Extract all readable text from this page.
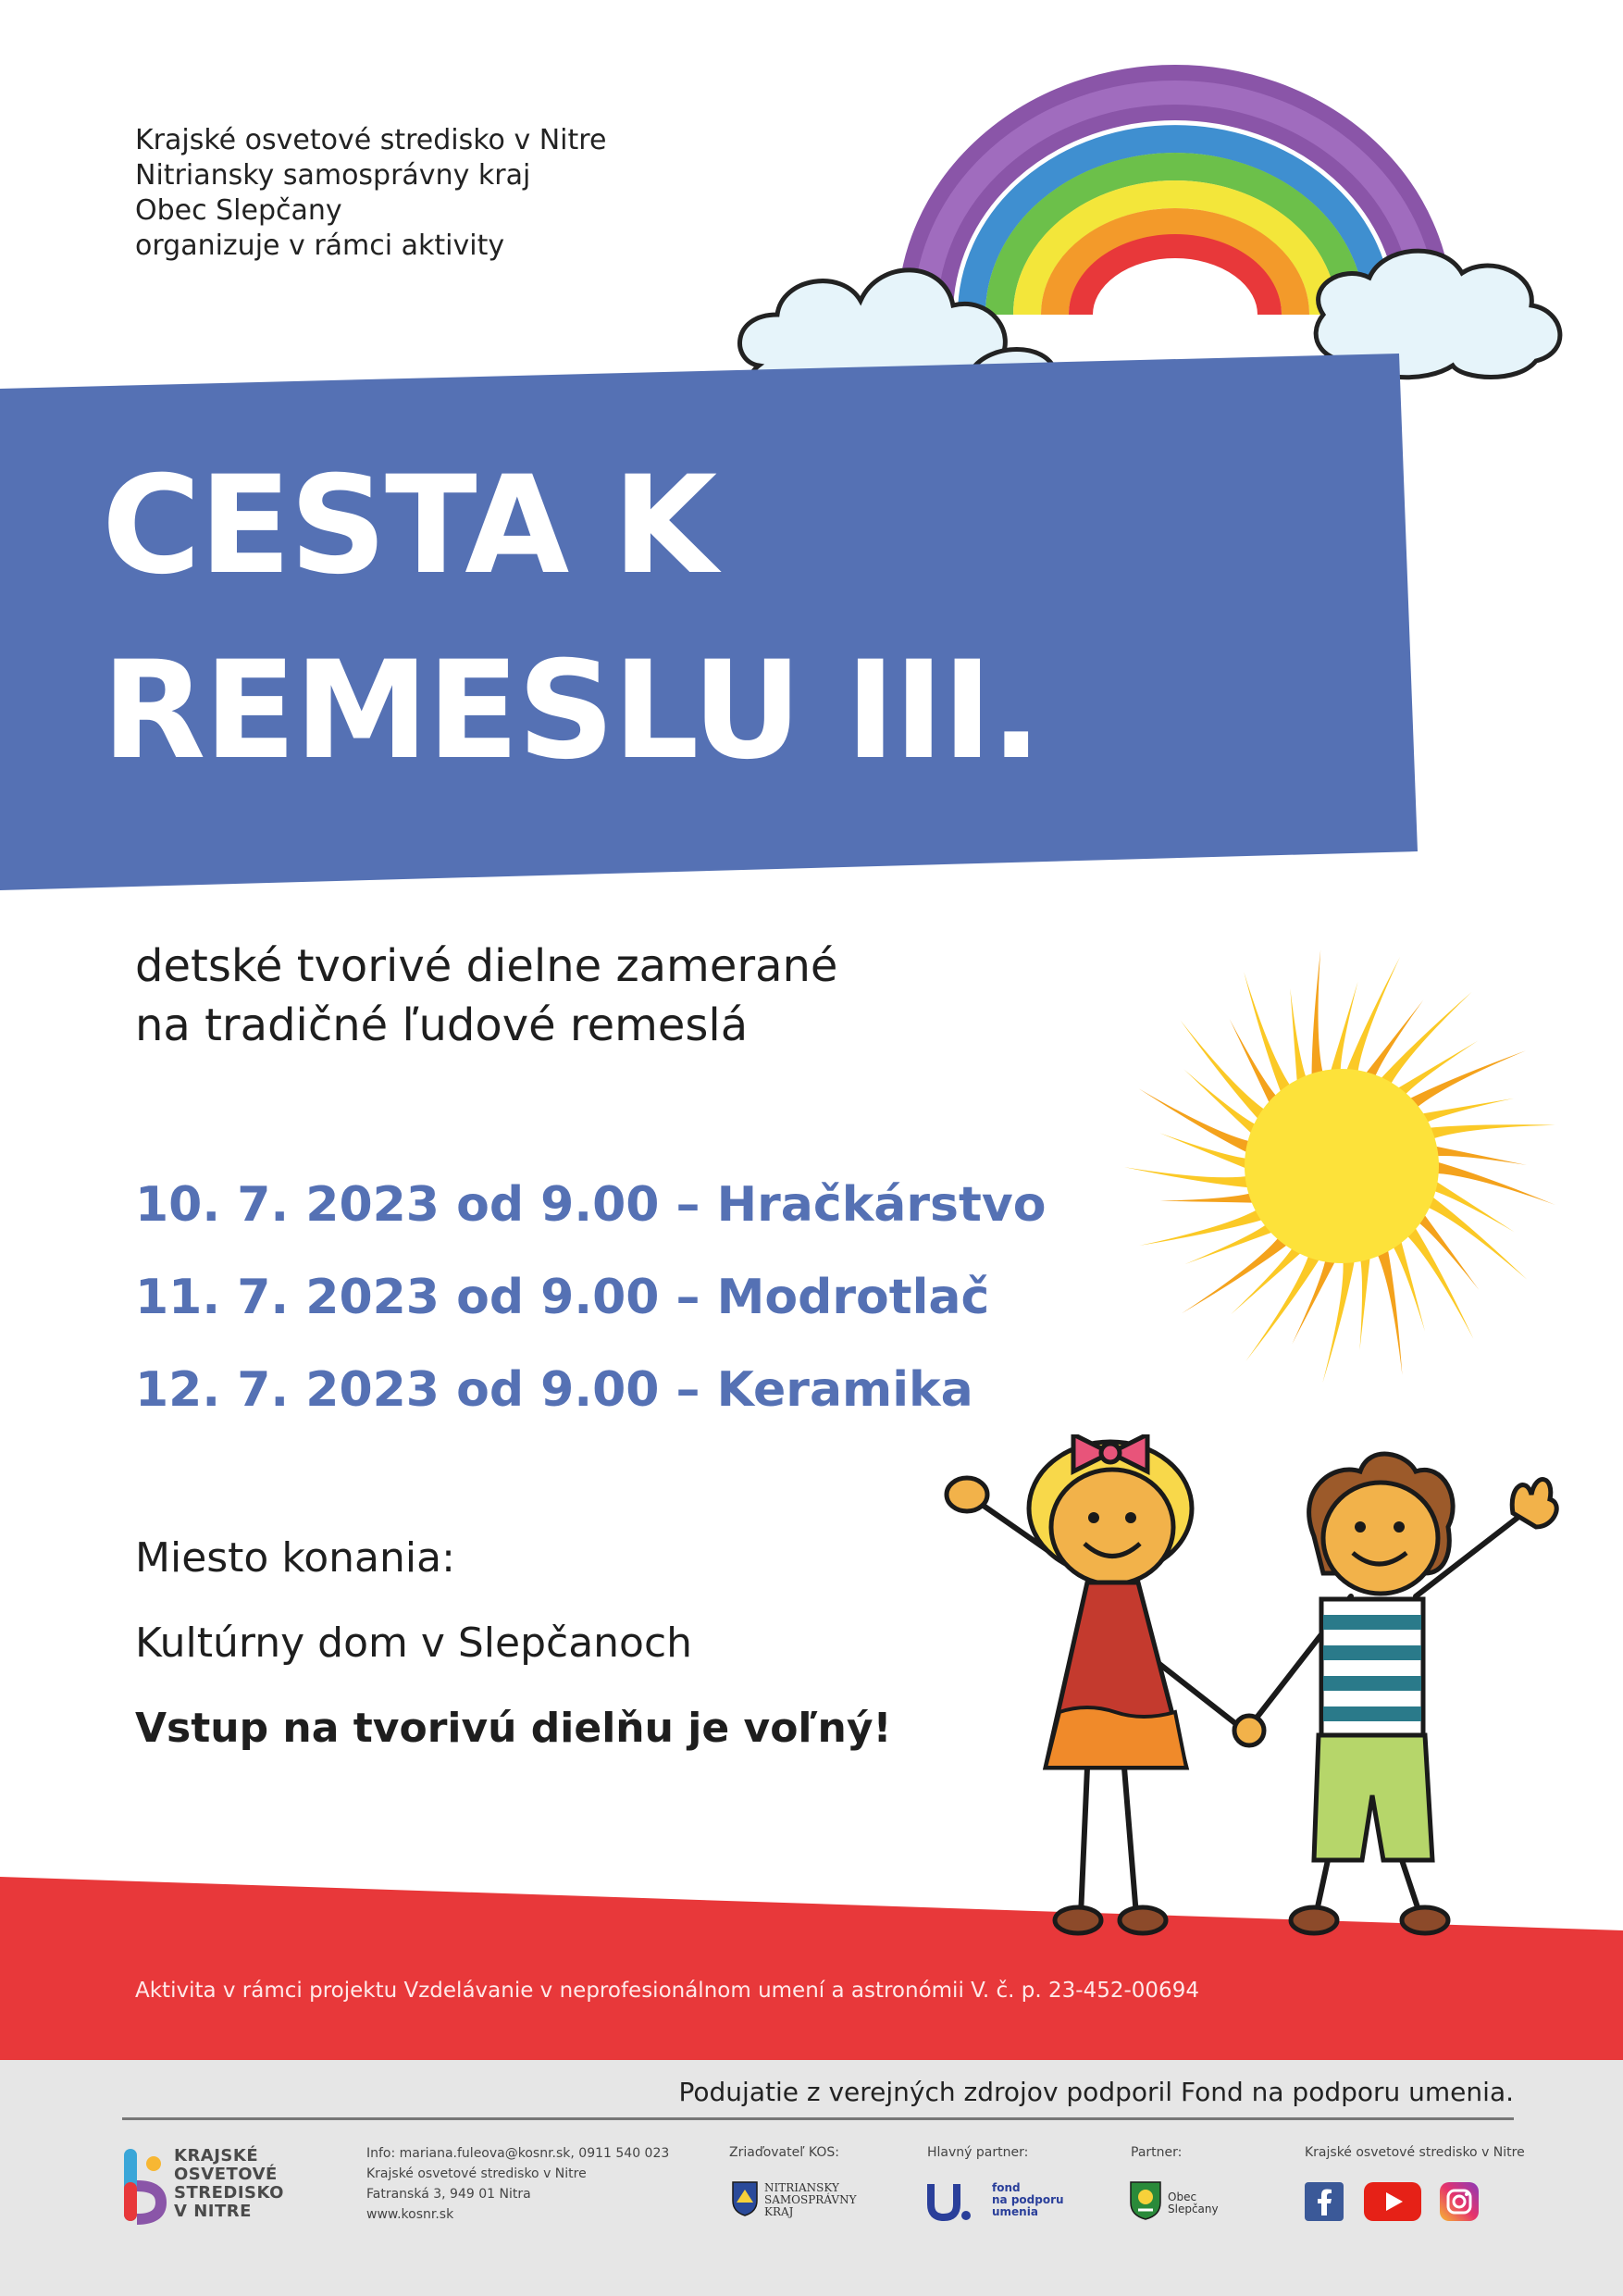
Krajské osvetové stredisko v Nitre
Nitriansky samosprávny kraj
Obec Slepčany
organizuje v rámci aktivity
CESTA K
REMESLU III.
detské tvorivé dielne zamerané
na tradičné ľudové remeslá
10. 7. 2023 od 9.00 – Hračkárstvo
11. 7. 2023 od 9.00 – Modrotlač
12. 7. 2023 od 9.00 – Keramika
Miesto konania:
Kultúrny dom v Slepčanoch
Vstup na tvorivú dielňu je voľný!
Aktivita v rámci projektu Vzdelávanie v neprofesionálnom umení a astronómii V. č. p. 23-452-00694
Podujatie z verejných zdrojov podporil Fond na podporu umenia.
KRAJSKÉ
OSVETOVÉ
STREDISKO
V NITRE
Info: mariana.fuleova@kosnr.sk, 0911 540 023
Krajské osvetové stredisko v Nitre
Fatranská 3, 949 01 Nitra
www.kosnr.sk
Zriaďovateľ KOS:
NITRIANSKY
SAMOSPRÁVNY
KRAJ
Hlavný partner:
fond
na podporu
umenia
Partner:
Obec
Slepčany
Krajské osvetové stredisko v Nitre
